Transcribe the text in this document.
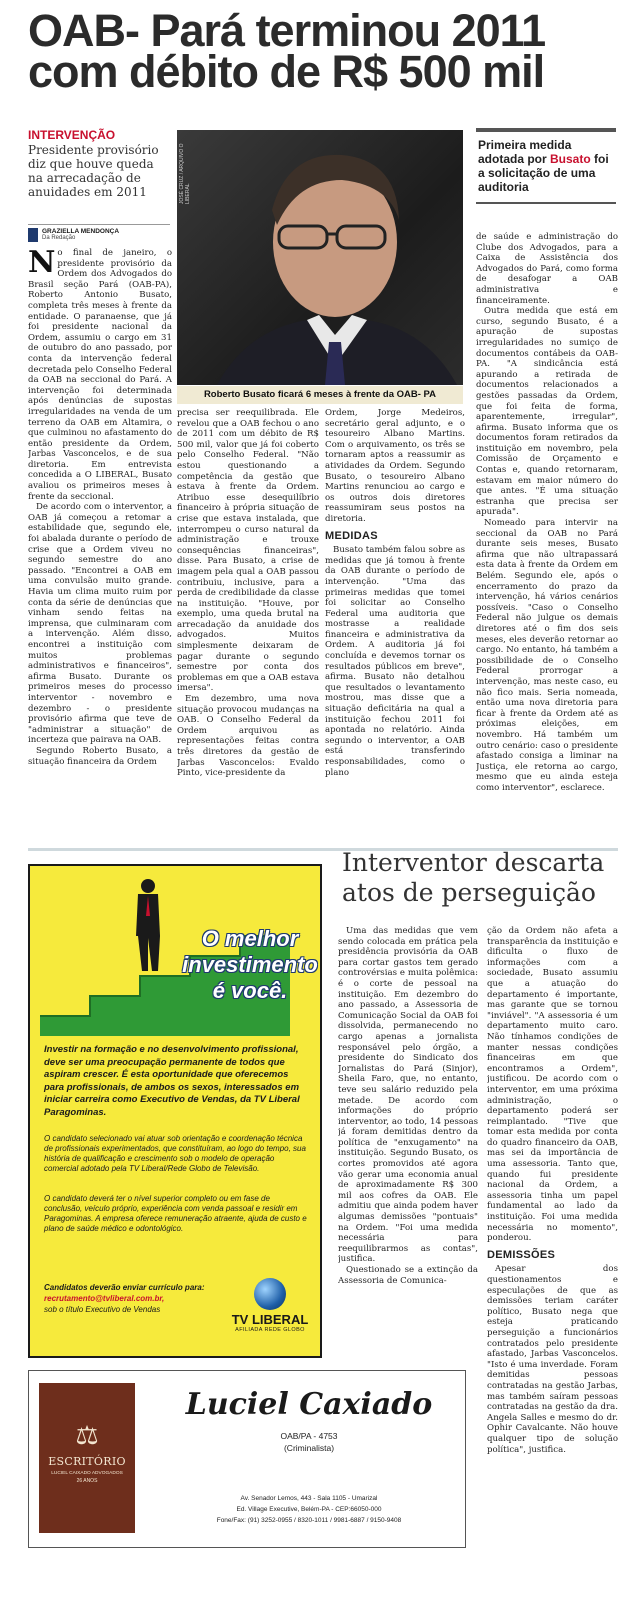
OAB- Pará terminou 2011
com débito de R$ 500 mil
INTERVENÇÃO
Presidente provisório diz que houve queda na arrecadação de anuidades em 2011
GRAZIELLA MENDONÇA
Da Redação
N o final de janeiro, o presidente provisório da Ordem dos Advogados do Brasil seção Pará (OAB-PA), Roberto Antonio Busato, completa três meses à frente da entidade. O paranaense, que já foi presidente nacional da Ordem, assumiu o cargo em 31 de outubro do ano passado, por conta da intervenção federal decretada pelo Conselho Federal da OAB na seccional do Pará. A intervenção foi determinada após denúncias de supostas irregularidades na venda de um terreno da OAB em Altamira, o que culminou no afastamento do então presidente da Ordem, Jarbas Vasconcelos, e de sua diretoria. Em entrevista concedida a O LIBERAL, Busato avaliou os primeiros meses à frente da seccional.

De acordo com o interventor, a OAB já começou a retomar a estabilidade que, segundo ele, foi abalada durante o período de crise que a Ordem viveu no segundo semestre do ano passado. "Encontrei a OAB em uma convulsão muito grande. Havia um clima muito ruim por conta da série de denúncias que vinham sendo feitas na imprensa, que culminaram com a intervenção. Além disso, encontrei a instituição com muitos problemas administrativos e financeiros", afirma Busato. Durante os primeiros meses do processo interventor - novembro e dezembro - o presidente provisório afirma que teve de "administrar a situação" de incerteza que pairava na OAB.

Segundo Roberto Busato, a situação financeira da Ordem

JOSÉ CRUZ / ARQUIVO O LIBERAL
Roberto Busato ficará 6 meses à frente da OAB- PA
Primeira medida adotada por Busato foi a solicitação de uma auditoria

precisa ser reequilibrada. Ele revelou que a OAB fechou o ano de 2011 com um débito de R$ 500 mil, valor que já foi coberto pelo Conselho Federal. "Não estou questionando a competência da gestão que estava à frente da Ordem. Atribuo esse desequilíbrio financeiro à própria situação de crise que estava instalada, que interrompeu o curso natural da administração e trouxe consequências financeiras", disse. Para Busato, a crise de imagem pela qual a OAB passou contribuiu, inclusive, para a perda de credibilidade da classe na instituição. "Houve, por exemplo, uma queda brutal na arrecadação da anuidade dos advogados. Muitos simplesmente deixaram de pagar durante o segundo semestre por conta dos problemas em que a OAB estava imersa".

Em dezembro, uma nova situação provocou mudanças na OAB. O Conselho Federal da Ordem arquivou as representações feitas contra três diretores da gestão de Jarbas Vasconcelos: Evaldo Pinto, vice-presidente da

Ordem, Jorge Medeiros, secretário geral adjunto, e o tesoureiro Albano Martins. Com o arquivamento, os três se tornaram aptos a reassumir as atividades da Ordem. Segundo Busato, o tesoureiro Albano Martins renunciou ao cargo e os outros dois diretores reassumiram seus postos na diretoria.

MEDIDAS

Busato também falou sobre as medidas que já tomou à frente da OAB durante o período de intervenção. "Uma das primeiras medidas que tomei foi solicitar ao Conselho Federal uma auditoria que mostrasse a realidade financeira e administrativa da Ordem. A auditoria já foi concluída e devemos tornar os resultados públicos em breve", afirma. Busato não detalhou que resultados o levantamento mostrou, mas disse que a situação deficitária na qual a instituição fechou 2011 foi apontada no relatório. Ainda segundo o interventor, a OAB está transferindo responsabilidades, como o plano

de saúde e administração do Clube dos Advogados, para a Caixa de Assistência dos Advogados do Pará, como forma de desafogar a OAB administrativa e financeiramente.

Outra medida que está em curso, segundo Busato, é a apuração de supostas irregularidades no sumiço de documentos contábeis da OAB-PA. "A sindicância está apurando a retirada de documentos relacionados a gestões passadas da Ordem, que foi feita de forma, aparentemente, irregular", afirma. Busato informa que os documentos foram retirados da instituição em novembro, pela Comissão de Orçamento e Contas e, quando retornaram, estavam em maior número do que antes. "É uma situação estranha que precisa ser apurada".

Nomeado para intervir na seccional da OAB no Pará durante seis meses, Busato afirma que não ultrapassará esta data à frente da Ordem em Belém. Segundo ele, após o encerramento do prazo da intervenção, há vários cenários possíveis. "Caso o Conselho Federal não julgue os demais diretores até o fim dos seis meses, eles deverão retornar ao cargo. No entanto, há também a possibilidade de o Conselho Federal prorrogar a intervenção, mas neste caso, eu não fico mais. Seria nomeada, então uma nova diretoria para ficar à frente da Ordem até as próximas eleições, em novembro. Há também um outro cenário: caso o presidente afastado consiga a liminar na Justiça, ele retorna ao cargo, mesmo que eu ainda esteja como interventor", esclarece.

O melhor
investimento
é você.
Investir na formação e no desenvolvimento profissional, deve ser uma preocupação permanente de todos que aspiram crescer. É esta oportunidade que oferecemos para profissionais, de ambos os sexos, interessados em iniciar carreira como Executivo de Vendas, da TV Liberal Paragominas.
O candidato selecionado vai atuar sob orientação e coordenação técnica de profissionais experimentados, que constituíram, ao logo do tempo, sua história de qualificação e crescimento sob o modelo de operação comercial adotado pela TV Liberal/Rede Globo de Televisão.
O candidato deverá ter o nível superior completo ou em fase de conclusão, veículo próprio, experiência com venda passoal e residir em Paragominas. A empresa oferece remuneração atraente, ajuda de custo e plano de saúde médico e odontológico.
Candidatos deverão enviar currículo para:
recrutamento@tvliberal.com.br,
sob o título Executivo de Vendas
TV LIBERAL
AFILIADA REDE GLOBO
Interventor descarta
atos de perseguição

Uma das medidas que vem sendo colocada em prática pela presidência provisória da OAB para cortar gastos tem gerado controvérsias e muita polêmica: é o corte de pessoal na instituição. Em dezembro do ano passado, a Assessoria de Comunicação Social da OAB foi dissolvida, permanecendo no cargo apenas a jornalista responsável pelo órgão, a presidente do Sindicato dos Jornalistas do Pará (Sinjor), Sheila Faro, que, no entanto, teve seu salário reduzido pela metade. De acordo com informações do próprio interventor, ao todo, 14 pessoas já foram demitidas dentro da política de "enxugamento" na instituição. Segundo Busato, os cortes promovidos até agora vão gerar uma economia anual de aproximadamente R$ 300 mil aos cofres da OAB. Ele admitiu que ainda podem haver algumas demissões "pontuais" na Ordem. "Foi uma medida necessária para reequilibrarmos as contas", justifica.

Questionado se a extinção da Assessoria de Comunica-

ção da Ordem não afeta a transparência da instituição e dificulta o fluxo de informações com a sociedade, Busato assumiu que a atuação do departamento é importante, mas garante que se tornou "inviável". "A assessoria é um departamento muito caro. Não tínhamos condições de manter nessas condições financeiras em que encontramos a Ordem", justificou. De acordo com o interventor, em uma próxima administração, o departamento poderá ser reimplantado. "Tive que tomar esta medida por conta do quadro financeiro da OAB, mas sei da importância de uma assessoria. Tanto que, quando fui presidente nacional da Ordem, a assessoria tinha um papel fundamental ao lado da instituição. Foi uma medida necessária no momento", ponderou.

DEMISSÕES

Apesar dos questionamentos e especulações de que as demissões teriam caráter político, Busato nega que esteja praticando perseguição a funcionários contratados pelo presidente afastado, Jarbas Vasconcelos. "Isto é uma inverdade. Foram demitidas pessoas contratadas na gestão Jarbas, mas também saíram pessoas contratadas na gestão da dra. Angela Salles e mesmo do dr. Ophir Cavalcante. Não houve qualquer tipo de solução política", justifica.

⚖
ESCRITÓRIO
LUCIEL CAIXADO ADVOGADOS
26 ANOS
Luciel Caxiado
OAB/PA - 4753
(Criminalista)
Av. Senador Lemos, 443 - Sala 1105 - Umarizal
Ed. Village Executive, Belém-PA - CEP:66050-000
Fone/Fax: (91) 3252-0955 / 8320-1011 / 9981-6887 / 9150-9408
